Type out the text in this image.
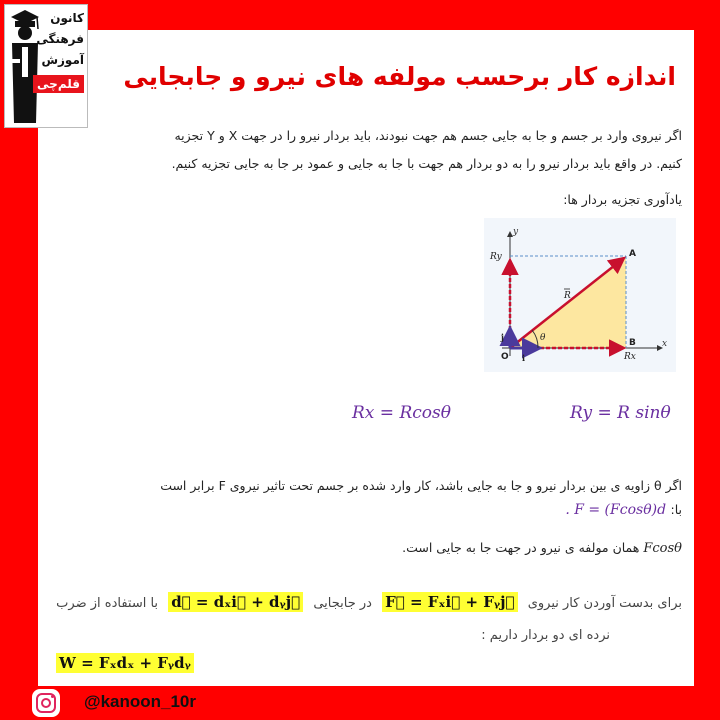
کانون
فرهنگی
آموزش
قلم‌چی اندازه کار برحسب مولفه های نیرو و جابجایی
اگر نیروی وارد بر جسم و جا به جایی جسم هم جهت نبودند، باید بردار نیرو را در جهت X و Y تجزیه
کنیم. در واقع باید بردار نیرو را به دو بردار هم جهت با جا به جایی و عمود بر جا به جایی تجزیه کنیم.
یادآوری تجزیه بردار ها:
y
x
Ry
Rx
A
B
O
R
θ
i
j
Rx = Rcosθ	Ry = R sinθ
اگر θ زاویه ی بین بردار نیرو و جا به جایی باشد، کار وارد شده بر جسم تحت تاثیر نیروی F برابر است
با: . F = (Fcosθ)d
Fcosθ همان مولفه ی نیرو در جهت جا به جایی است.
برای بدست آوردن کار نیروی F⃗ = Fₓi⃗ + Fᵧj⃗ در جابجایی d⃗ = dₓi⃗ + dᵧj⃗ با استفاده از ضرب
نرده ای دو بردار داریم :
W = Fₓdₓ + Fᵧdᵧ
@kanoon_10r
